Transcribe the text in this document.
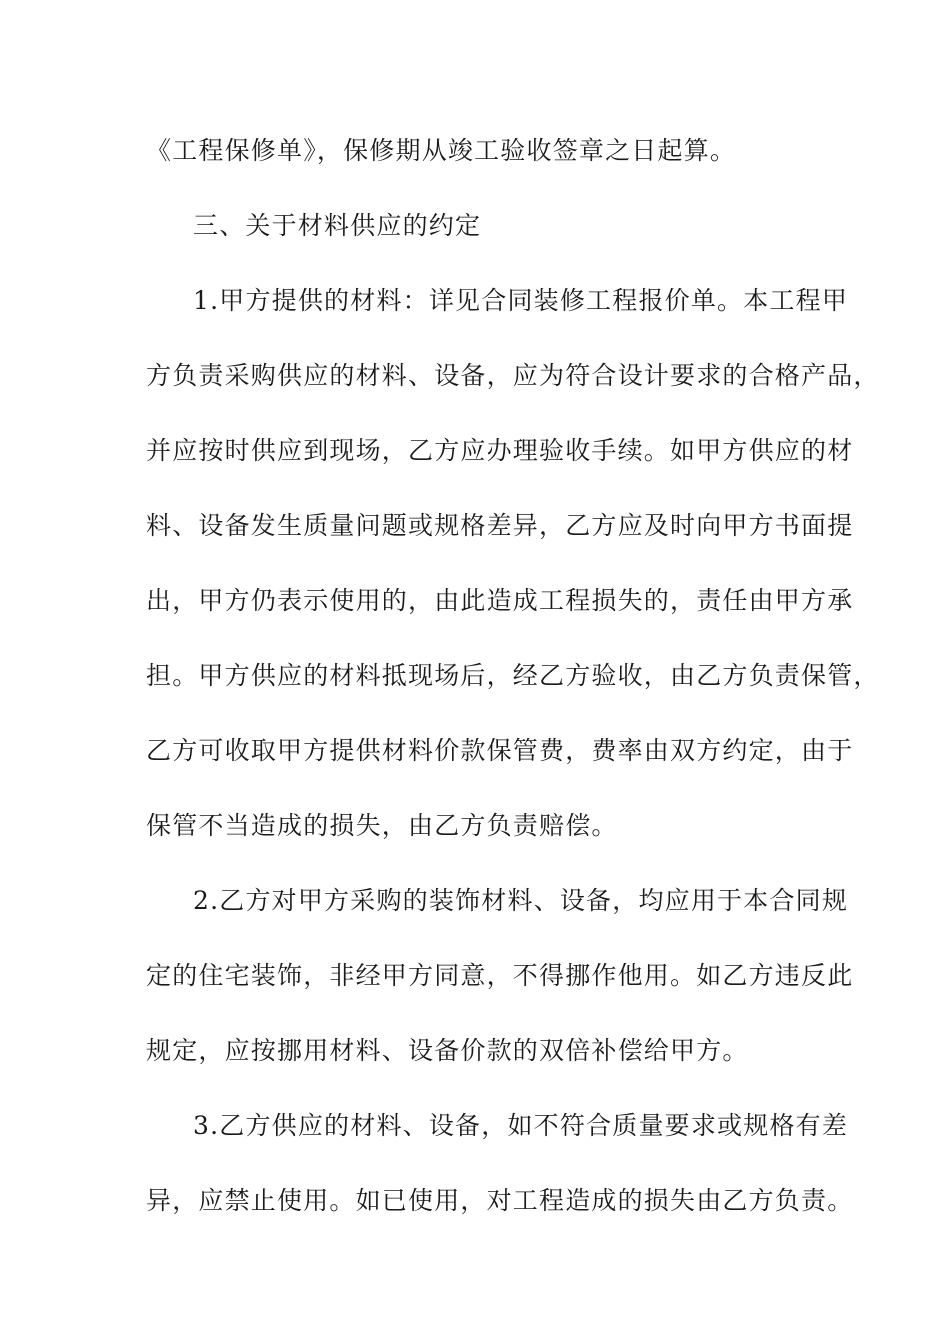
《工程保修单》，保修期从竣工验收签章之日起算。
三、关于材料供应的约定
1.甲方提供的材料：详见合同装修工程报价单。本工程甲
方负责采购供应的材料、设备，应为符合设计要求的合格产品，
并应按时供应到现场，乙方应办理验收手续。如甲方供应的材
料、设备发生质量问题或规格差异，乙方应及时向甲方书面提
出，甲方仍表示使用的，由此造成工程损失的，责任由甲方承
担。甲方供应的材料抵现场后，经乙方验收，由乙方负责保管，
乙方可收取甲方提供材料价款保管费，费率由双方约定，由于
保管不当造成的损失，由乙方负责赔偿。
2.乙方对甲方采购的装饰材料、设备，均应用于本合同规
定的住宅装饰，非经甲方同意，不得挪作他用。如乙方违反此
规定，应按挪用材料、设备价款的双倍补偿给甲方。
3.乙方供应的材料、设备，如不符合质量要求或规格有差
异，应禁止使用。如已使用，对工程造成的损失由乙方负责。
